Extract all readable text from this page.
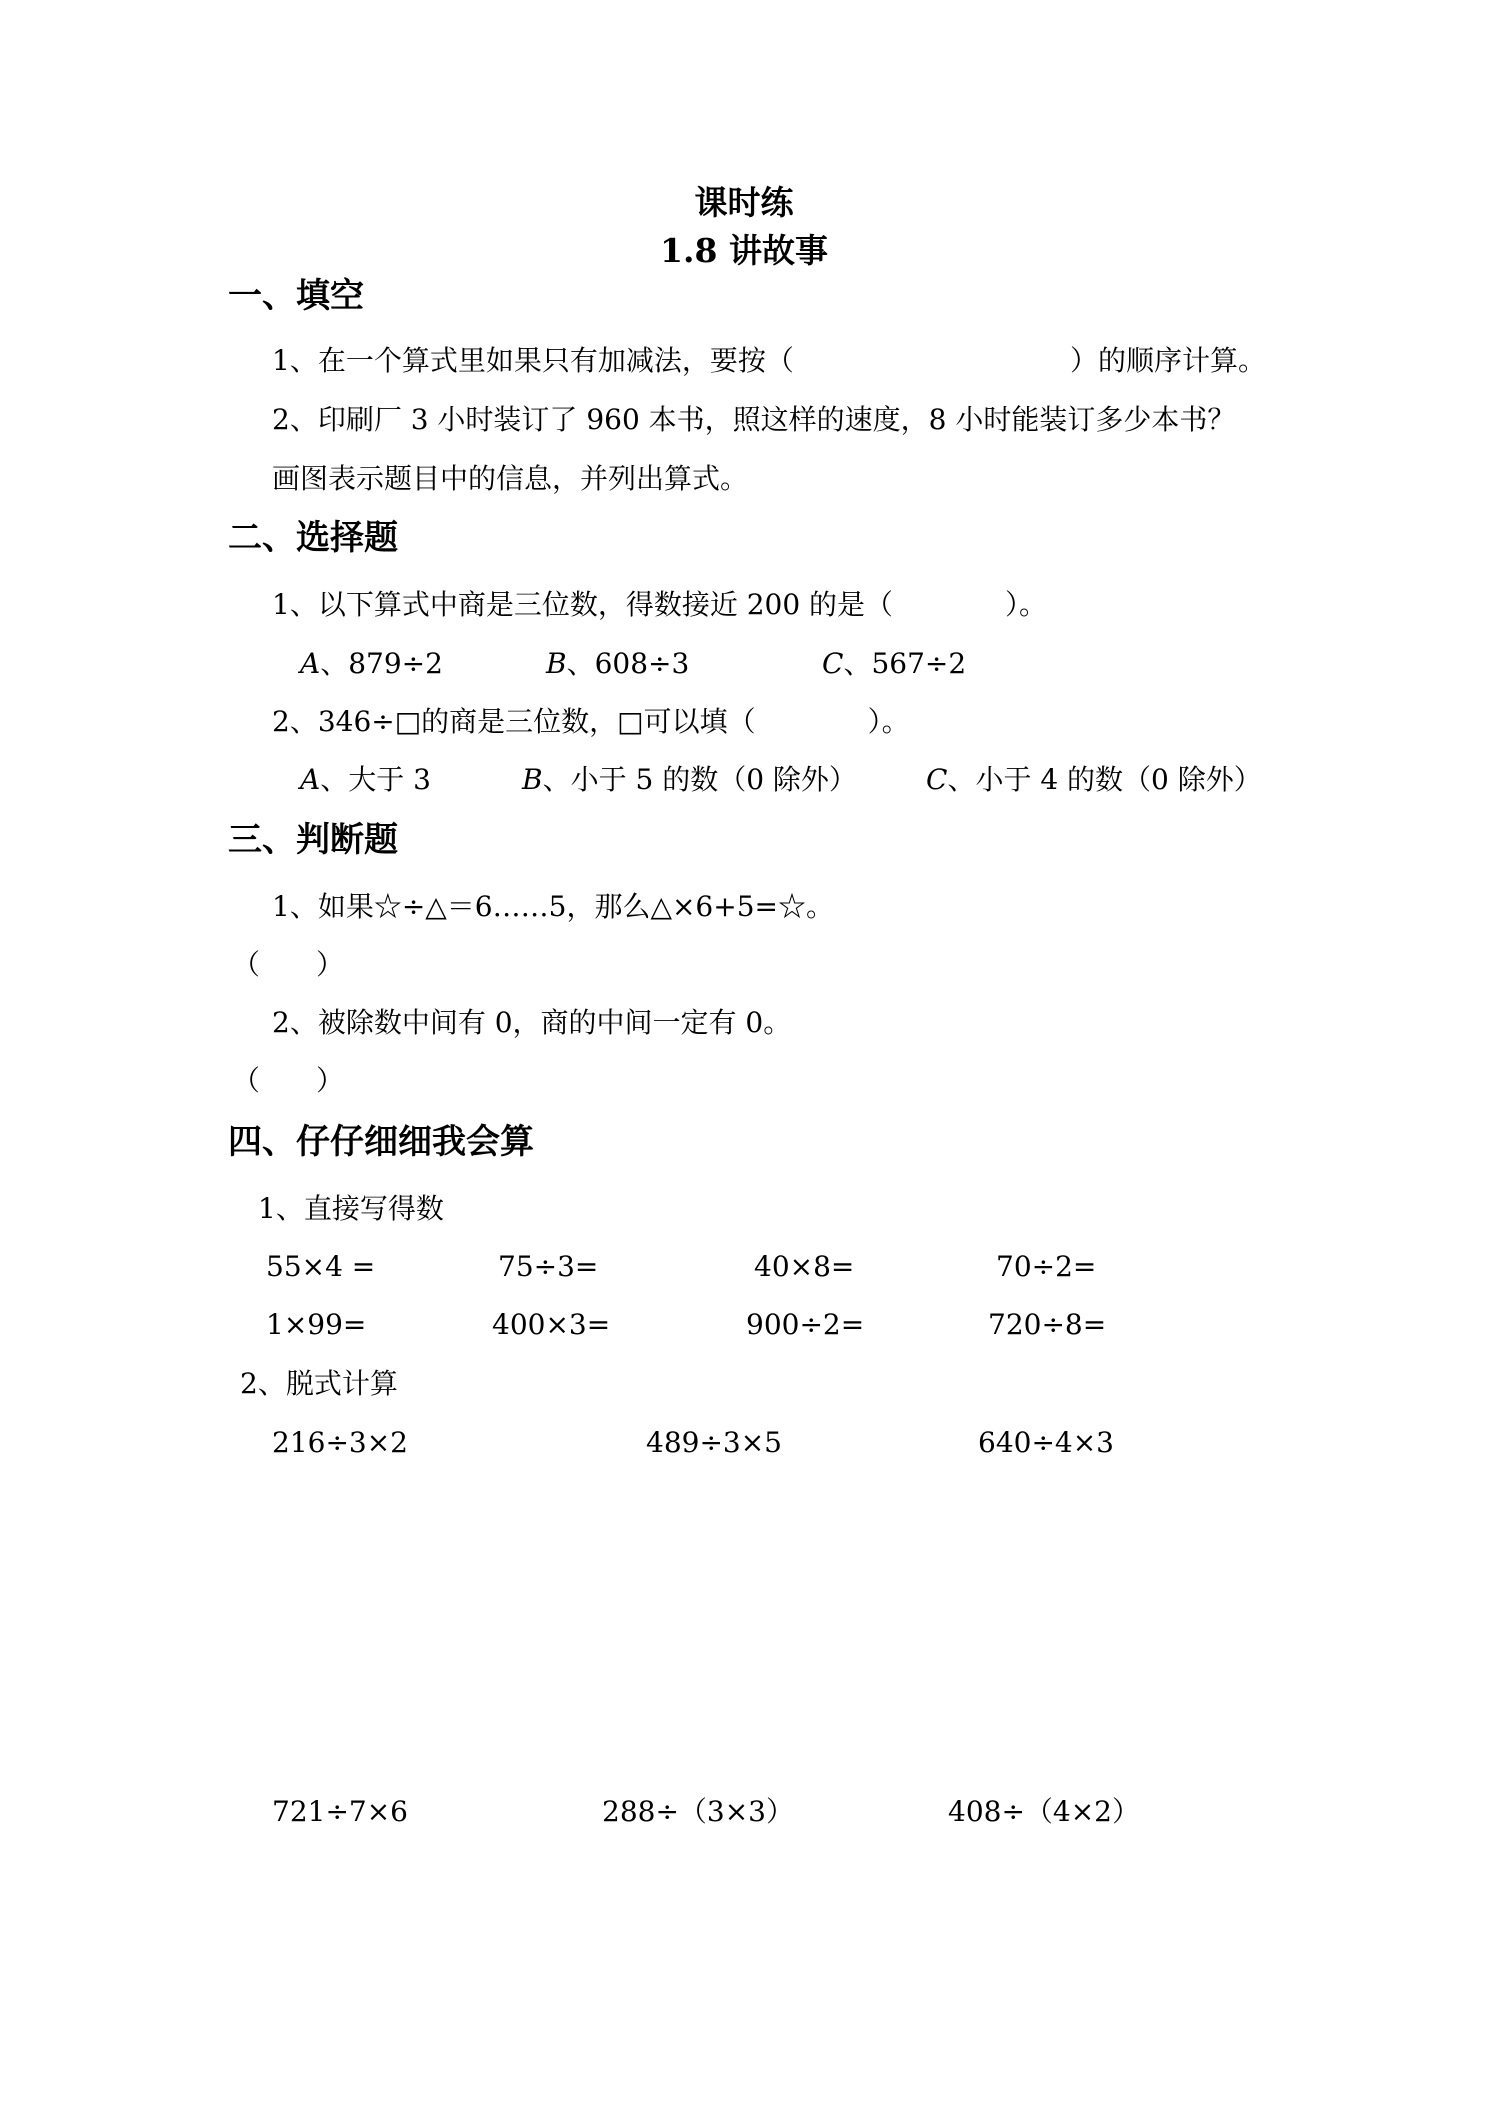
课时练
1.8 讲故事
一、填空
1、在一个算式里如果只有加减法，要按（	）的顺序计算。
2、印刷厂 3 小时装订了 960 本书，照这样的速度，8 小时能装订多少本书？
画图表示题目中的信息，并列出算式。
二、选择题
1、以下算式中商是三位数，得数接近 200 的是（　　　　）。
A、879÷2	B、608÷3	C、567÷2
2、346÷□的商是三位数，□可以填（　　　　）。
A、大于 3	B、小于 5 的数（0 除外） C、小于 4 的数（0 除外）
三、判断题
1、如果☆÷△＝6……5，那么△×6+5=☆。
（　　）
2、被除数中间有 0，商的中间一定有 0。
（　　）
四、仔仔细细我会算
1、直接写得数
55×4 =	75÷3=	40×8=	70÷2=
1×99=	400×3=	900÷2=	720÷8=
2、脱式计算
216÷3×2	489÷3×5	640÷4×3
721÷7×6	288÷（3×3）	408÷（4×2）
